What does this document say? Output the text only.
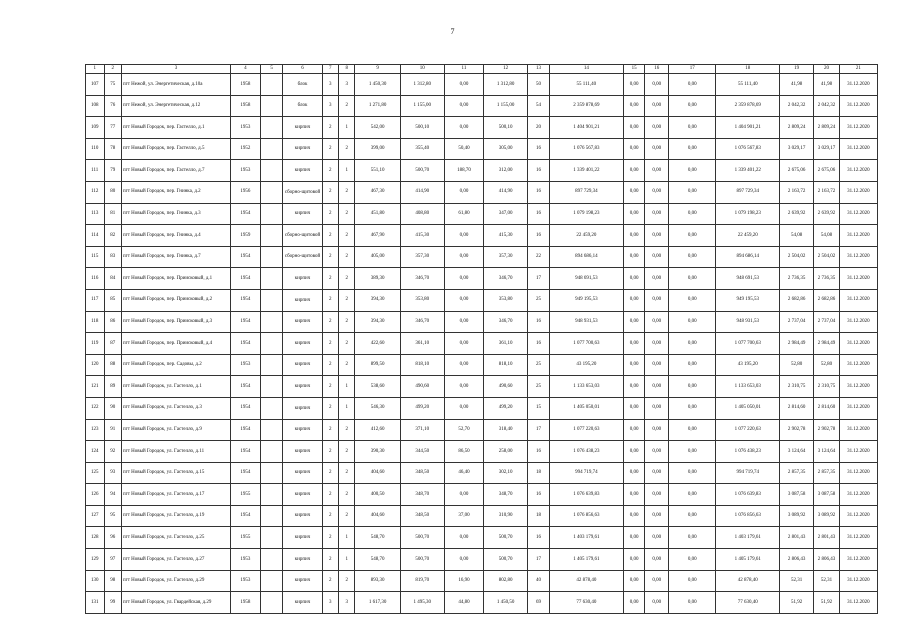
7
1	2	3	4	5	6	7	8	9	10	11	12	13	14	15	16	17	18	19	20	21
107	75	пгт Нежой, ул. Энергетическая, д.10а	1958		блок	3	3	1 450,30	1 312,80	0,00	1 312,80	50	55 111,40	0,00	0,00	0,00	55 111,40	41,98	41,98	31.12.2020
108	76	пгт Нежой, ул. Энергетическая, д.12	1958		блок	3	2	1 271,80	1 155,00	0,00	1 155,00	54	2 359 878,69	0,00	0,00	0,00	2 359 878,69	2 042,32	2 042,32	31.12.2020
109	77	пгт Новый Городок, пер. Гастелло, д.1	1953		кирпич	2	1	542,00	500,10	0,00	500,10	20	1 404 901,21	0,00	0,00	0,00	1 404 901,21	2 809,24	2 809,24	31.12.2020
110	78	пгт Новый Городок, пер. Гастелло, д.5	1952		кирпич	2	2	399,00	355,40	50,40	305,00	16	1 076 567,83	0,00	0,00	0,00	1 076 567,83	3 029,17	3 029,17	31.12.2020
111	79	пгт Новый Городок, пер. Гастелло, д.7	1953		кирпич	2	1	551,10	500,70	188,70	312,00	16	1 339 401,22	0,00	0,00	0,00	1 339 401,22	2 675,06	2 675,06	31.12.2020
112	80	пгт Новый Городок, пер. Гнинка, д.2	1956		сборно-щитовой	2	2	467,30	414,90	0,00	414,90	16	897 729,34	0,00	0,00	0,00	897 729,34	2 163,72	2 163,72	31.12.2020
113	81	пгт Новый Городок, пер. Гнинка, д.3	1954		кирпич	2	2	451,80	408,80	61,80	347,00	16	1 079 198,23	0,00	0,00	0,00	1 079 198,23	2 639,92	2 639,92	31.12.2020
114	82	пгт Новый Городок, пер. Гнинка, д.4	1959		сборно-щитовой	2	2	467,90	415,30	0,00	415,30	16	22 459,20	0,00	0,00	0,00	22 459,20	54,08	54,08	31.12.2020
115	83	пгт Новый Городок, пер. Гнинка, д.7	1954		сборно-щитовой	2	2	405,00	357,30	0,00	357,30	22	894 686,14	0,00	0,00	0,00	894 686,14	2 504,02	2 504,02	31.12.2020
116	84	пгт Новый Городок, пер. Приисковый, д.1	1954		кирпич	2	2	389,30	346,70	0,00	346,70	17	948 691,53	0,00	0,00	0,00	948 691,53	2 736,35	2 736,35	31.12.2020
117	85	пгт Новый Городок, пер. Приисковый, д.2	1954		кирпич	2	2	394,30	353,80	0,00	353,80	25	949 195,53	0,00	0,00	0,00	949 195,53	2 682,86	2 682,86	31.12.2020
118	86	пгт Новый Городок, пер. Приисковый, д.3	1954		кирпич	2	2	394,30	346,70	0,00	346,70	16	948 931,53	0,00	0,00	0,00	948 931,53	2 737,04	2 737,04	31.12.2020
119	87	пгт Новый Городок, пер. Приисковый, д.4	1954		кирпич	2	2	422,60	361,10	0,00	361,10	16	1 077 700,63	0,00	0,00	0,00	1 077 700,63	2 984,49	2 984,49	31.12.2020
120	88	пгт Новый Городок, пер. Садовы, д.2	1953		кирпич	2	2	899,50	818,10	0,00	818,10	25	43 195,20	0,00	0,00	0,00	43 195,20	52,80	52,80	31.12.2020
121	89	пгт Новый Городок, ул. Гастелло, д.1	1954		кирпич	2	1	538,60	490,60	0,00	490,60	25	1 133 653,03	0,00	0,00	0,00	1 133 653,03	2 310,75	2 310,75	31.12.2020
122	90	пгт Новый Городок, ул. Гастелло, д.3	1954		кирпич	2	1	546,30	499,20	0,00	499,20	15	1 405 050,01	0,00	0,00	0,00	1 405 050,01	2 814,60	2 814,60	31.12.2020
123	91	пгт Новый Городок, ул. Гастелло, д.9	1954		кирпич	2	2	412,60	371,10	52,70	318,40	17	1 077 220,63	0,00	0,00	0,00	1 077 220,63	2 902,78	2 902,78	31.12.2020
124	92	пгт Новый Городок, ул. Гастелло, д.11	1954		кирпич	2	2	390,30	344,50	86,50	258,00	16	1 076 438,23	0,00	0,00	0,00	1 076 438,23	3 124,64	3 124,64	31.12.2020
125	93	пгт Новый Городок, ул. Гастелло, д.15	1954		кирпич	2	2	404,60	348,50	46,40	302,10	18	994 719,74	0,00	0,00	0,00	994 719,74	2 857,35	2 857,35	31.12.2020
126	94	пгт Новый Городок, ул. Гастелло, д.17	1955		кирпич	2	2	400,50	348,70	0,00	348,70	16	1 076 639,83	0,00	0,00	0,00	1 076 639,83	3 087,58	3 087,58	31.12.2020
127	95	пгт Новый Городок, ул. Гастелло, д.19	1954		кирпич	2	2	404,60	348,50	37,00	310,90	18	1 076 856,63	0,00	0,00	0,00	1 076 856,63	3 089,92	3 089,92	31.12.2020
128	96	пгт Новый Городок, ул. Гастелло, д.25	1955		кирпич	2	1	548,70	500,70	0,00	500,70	16	1 403 179,61	0,00	0,00	0,00	1 403 179,61	2 801,43	2 801,43	31.12.2020
129	97	пгт Новый Городок, ул. Гастелло, д.27	1953		кирпич	2	1	548,70	500,70	0,00	500,70	17	1 405 179,61	0,00	0,00	0,00	1 405 179,61	2 806,43	2 806,43	31.12.2020
130	98	пгт Новый Городок, ул. Гастелло, д.29	1953		кирпич	2	2	893,30	819,70	16,90	802,80	40	42 878,40	0,00	0,00	0,00	42 878,40	52,31	52,31	31.12.2020
131	99	пгт Новый Городок, ул. Гвардейская, д.29	1958		кирпич	3	3	1 617,30	1 495,30	44,80	1 450,50	69	77 630,40	0,00	0,00	0,00	77 630,40	51,92	51,92	31.12.2020
